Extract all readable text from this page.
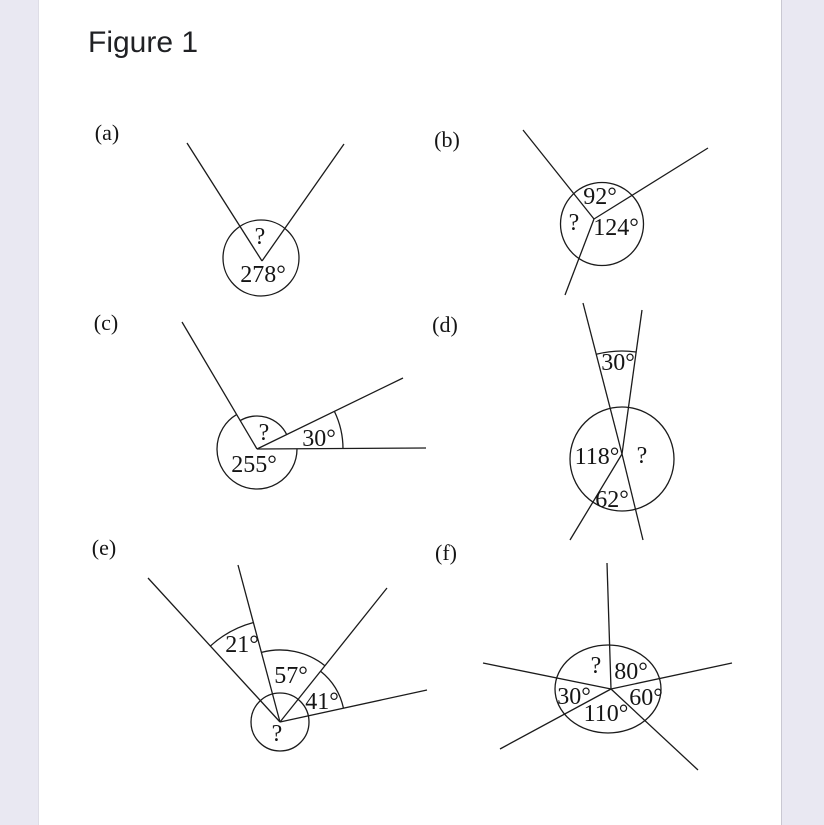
Figure 1
(a)
?
278°
(b)
92°
? 124°
(c)
? 30°
255°
(d)
30°
118° ?
62°
(e)
21°
57°
41°
?
(f)
? 80°
30° 60°
110°
